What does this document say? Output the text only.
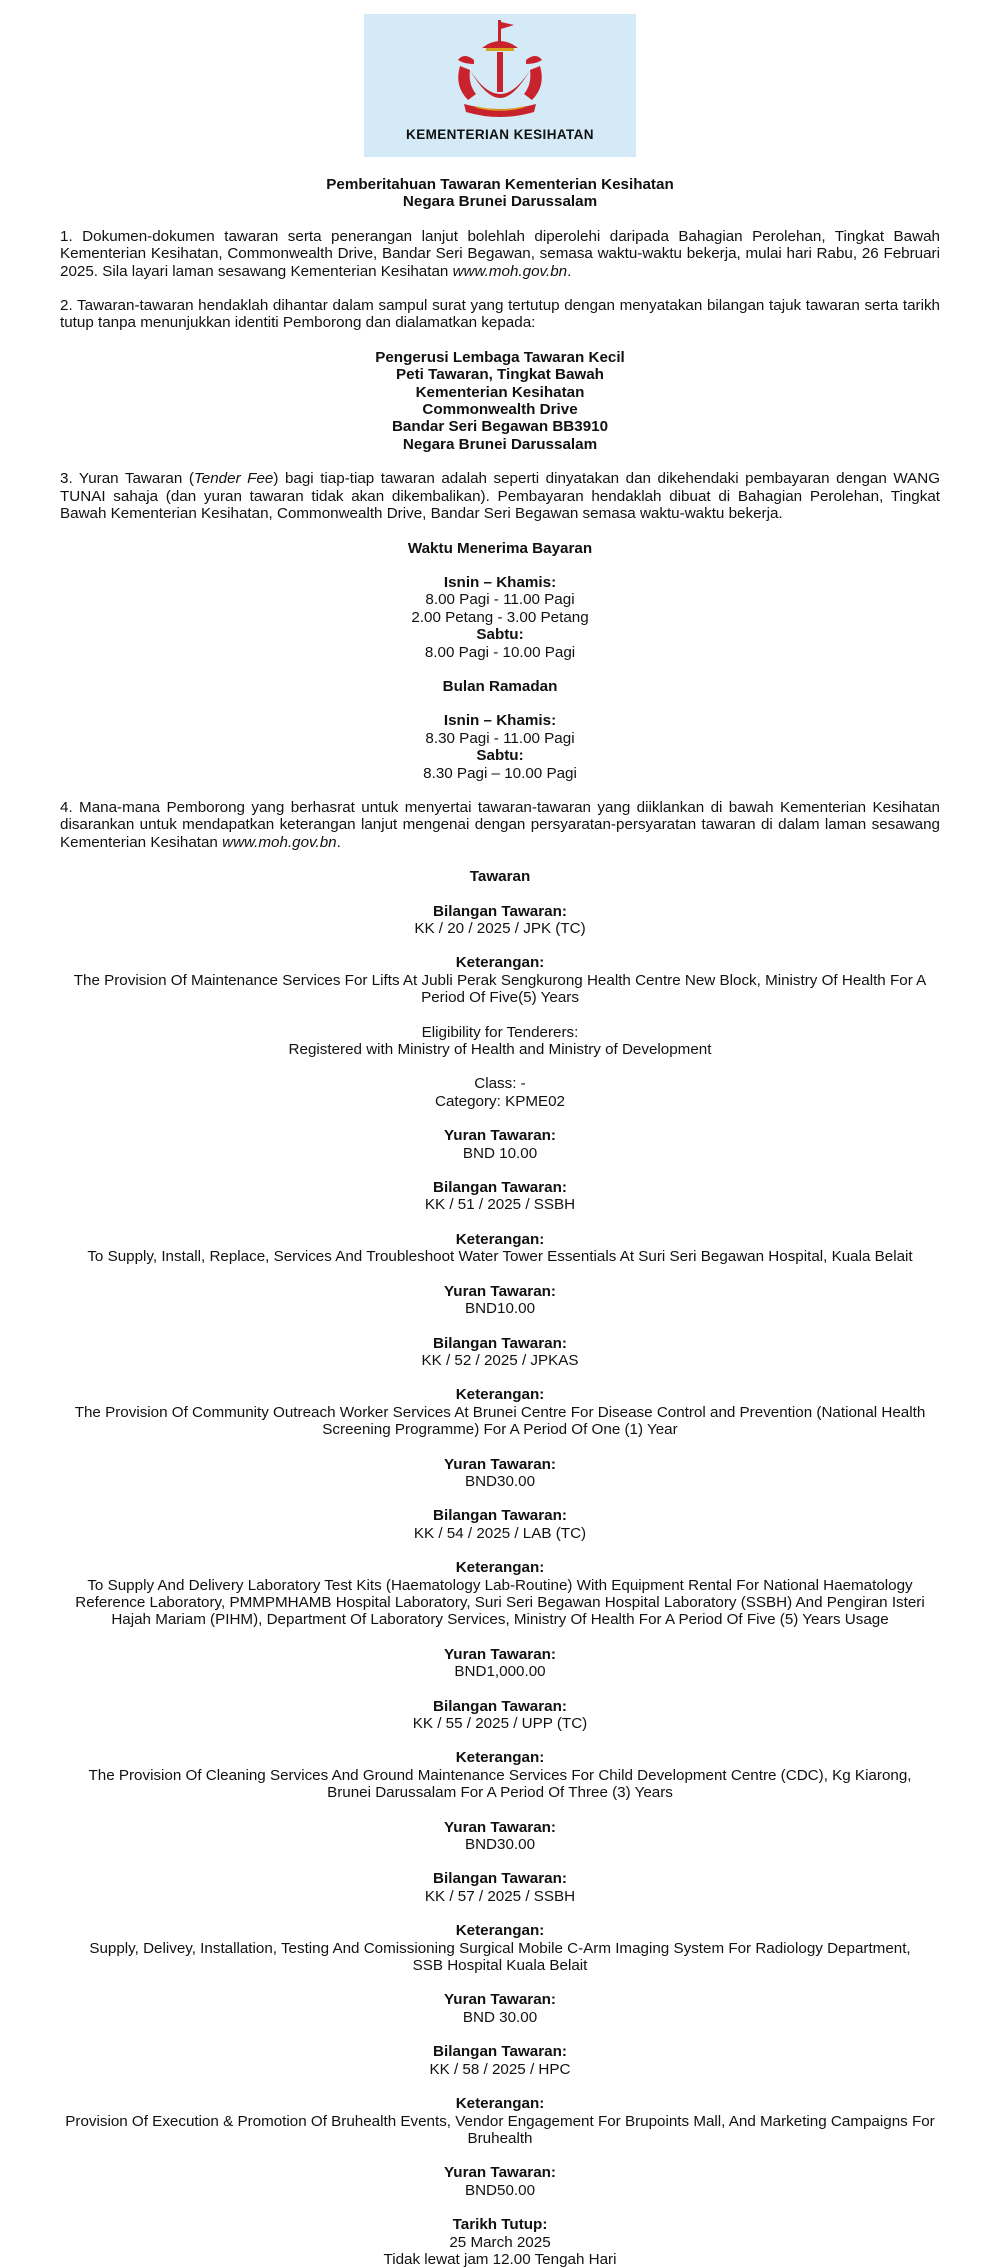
KEMENTERIAN KESIHATAN

Pemberitahuan Tawaran Kementerian Kesihatan

Negara Brunei Darussalam

1. Dokumen-dokumen tawaran serta penerangan lanjut bolehlah diperolehi daripada Bahagian Perolehan, Tingkat Bawah Kementerian Kesihatan, Commonwealth Drive, Bandar Seri Begawan, semasa waktu-waktu bekerja, mulai hari Rabu, 26 Februari 2025. Sila layari laman sesawang Kementerian Kesihatan www.moh.gov.bn.

2. Tawaran-tawaran hendaklah dihantar dalam sampul surat yang tertutup dengan menyatakan bilangan tajuk tawaran serta tarikh tutup tanpa menunjukkan identiti Pemborong dan dialamatkan kepada:

Pengerusi Lembaga Tawaran Kecil

Peti Tawaran, Tingkat Bawah

Kementerian Kesihatan

Commonwealth Drive

Bandar Seri Begawan BB3910

Negara Brunei Darussalam

3. Yuran Tawaran (Tender Fee) bagi tiap-tiap tawaran adalah seperti dinyatakan dan dikehendaki pembayaran dengan WANG TUNAI sahaja (dan yuran tawaran tidak akan dikembalikan). Pembayaran hendaklah dibuat di Bahagian Perolehan, Tingkat Bawah Kementerian Kesihatan, Commonwealth Drive, Bandar Seri Begawan semasa waktu-waktu bekerja.

Waktu Menerima Bayaran

Isnin – Khamis:

8.00 Pagi - 11.00 Pagi

2.00 Petang - 3.00 Petang

Sabtu:

8.00 Pagi - 10.00 Pagi

Bulan Ramadan

Isnin – Khamis:

8.30 Pagi - 11.00 Pagi

Sabtu:

8.30 Pagi – 10.00 Pagi

4. Mana-mana Pemborong yang berhasrat untuk menyertai tawaran-tawaran yang diiklankan di bawah Kementerian Kesihatan disarankan untuk mendapatkan keterangan lanjut mengenai dengan persyaratan-persyaratan tawaran di dalam laman sesawang Kementerian Kesihatan www.moh.gov.bn.

Tawaran

Bilangan Tawaran:

KK / 20 / 2025 / JPK (TC)

Keterangan:

The Provision Of Maintenance Services For Lifts At Jubli Perak Sengkurong Health Centre New Block, Ministry Of Health For A Period Of Five(5) Years

Eligibility for Tenderers:

Registered with Ministry of Health and Ministry of Development

Class: -

Category: KPME02

Yuran Tawaran:

BND 10.00

Bilangan Tawaran:

KK / 51 / 2025 / SSBH

Keterangan:

To Supply, Install, Replace, Services And Troubleshoot Water Tower Essentials At Suri Seri Begawan Hospital, Kuala Belait

Yuran Tawaran:

BND10.00

Bilangan Tawaran:

KK / 52 / 2025 / JPKAS

Keterangan:

The Provision Of Community Outreach Worker Services At Brunei Centre For Disease Control and Prevention (National Health Screening Programme) For A Period Of One (1) Year

Yuran Tawaran:

BND30.00

Bilangan Tawaran:

KK / 54 / 2025 / LAB (TC)

Keterangan:

To Supply And Delivery Laboratory Test Kits (Haematology Lab-Routine) With Equipment Rental For National Haematology Reference Laboratory, PMMPMHAMB Hospital Laboratory, Suri Seri Begawan Hospital Laboratory (SSBH) And Pengiran Isteri Hajah Mariam (PIHM), Department Of Laboratory Services, Ministry Of Health For A Period Of Five (5) Years Usage

Yuran Tawaran:

BND1,000.00

Bilangan Tawaran:

KK / 55 / 2025 / UPP (TC)

Keterangan:

The Provision Of Cleaning Services And Ground Maintenance Services For Child Development Centre (CDC), Kg Kiarong,

Brunei Darussalam For A Period Of Three (3) Years

Yuran Tawaran:

BND30.00

Bilangan Tawaran:

KK / 57 / 2025 / SSBH

Keterangan:

Supply, Delivey, Installation, Testing And Comissioning Surgical Mobile C-Arm Imaging System For Radiology Department,

SSB Hospital Kuala Belait

Yuran Tawaran:

BND 30.00

Bilangan Tawaran:

KK / 58 / 2025 / HPC

Keterangan:

Provision Of Execution & Promotion Of Bruhealth Events, Vendor Engagement For Brupoints Mall, And Marketing Campaigns For Bruhealth

Yuran Tawaran:

BND50.00

Tarikh Tutup:

25 March 2025

Tidak lewat jam 12.00 Tengah Hari
